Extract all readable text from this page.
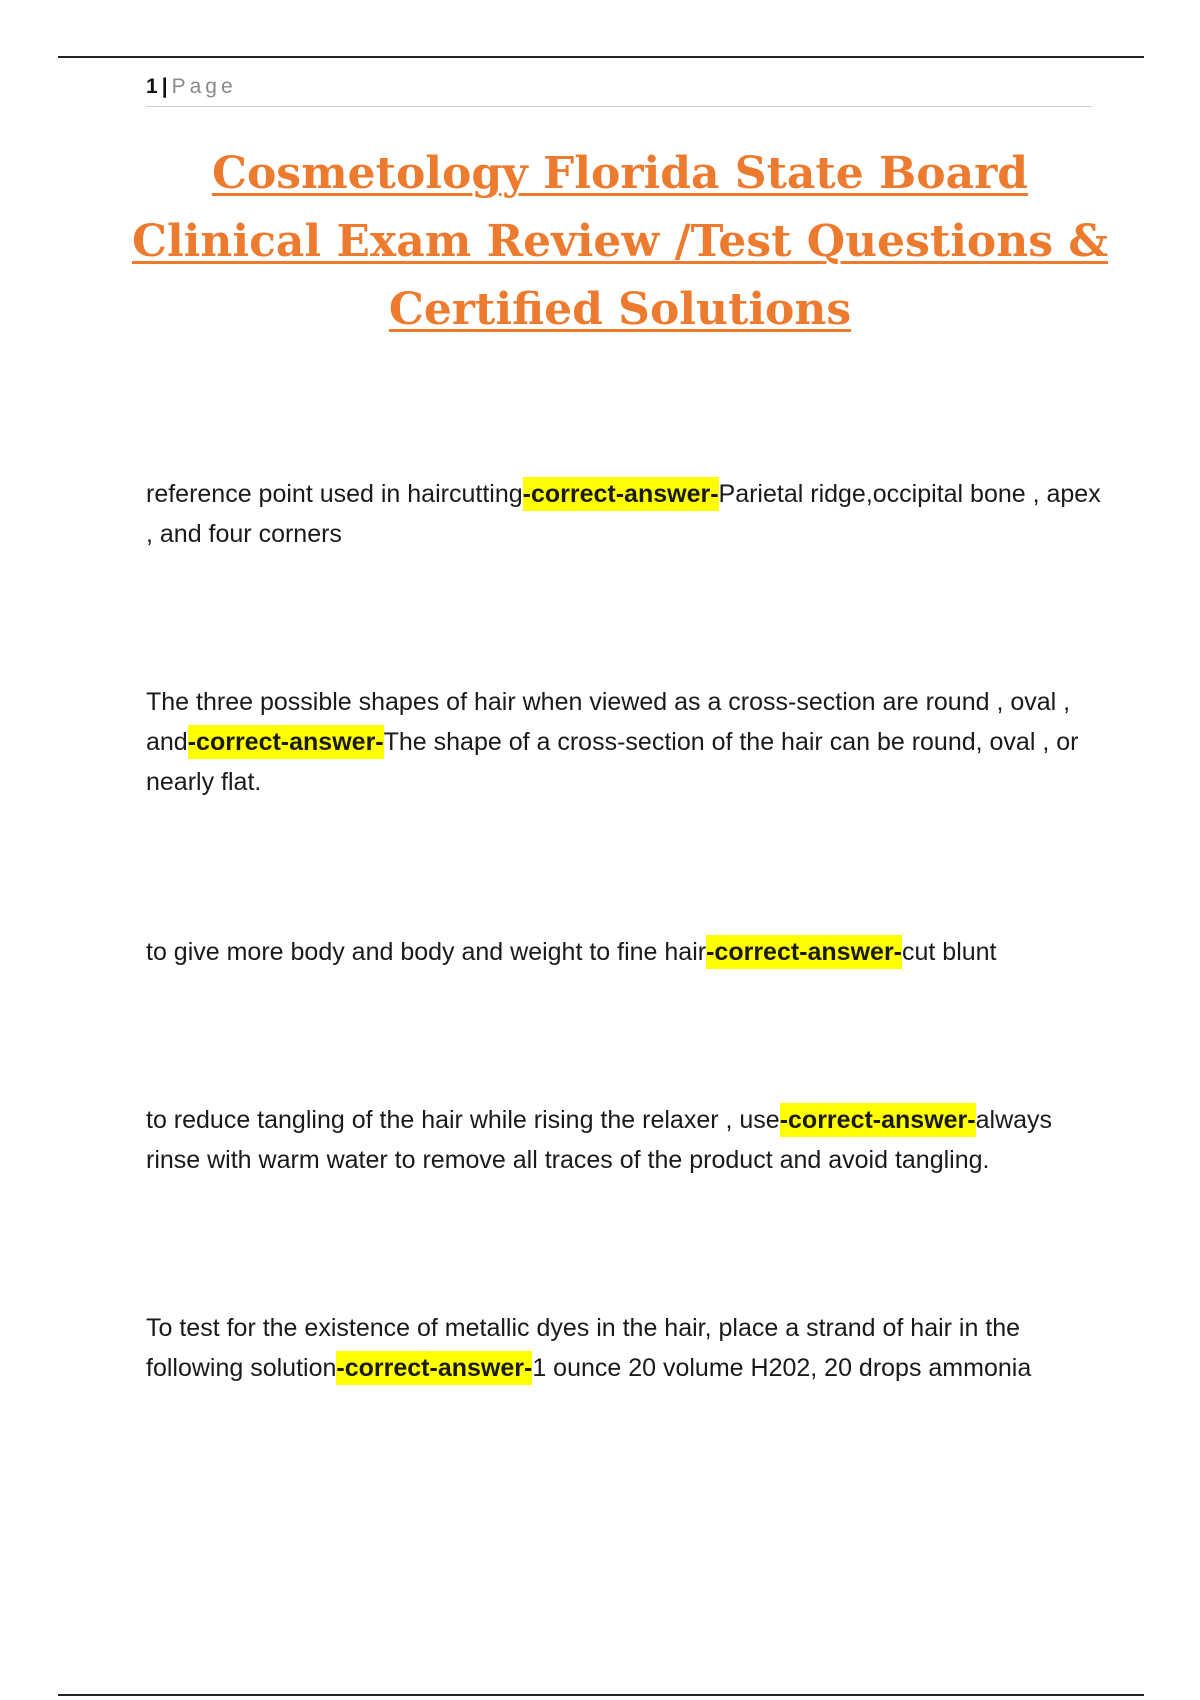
1 | Page
Cosmetology Florida State Board
Clinical Exam Review /Test Questions &
Certified Solutions

reference point used in haircutting-correct-answer-Parietal ridge,occipital bone , apex , and four corners

The three possible shapes of hair when viewed as a cross-section are round , oval , and-correct-answer-The shape of a cross-section of the hair can be round, oval , or nearly flat.

to give more body and body and weight to fine hair-correct-answer-cut blunt

to reduce tangling of the hair while rising the relaxer , use-correct-answer-always rinse with warm water to remove all traces of the product and avoid tangling.

To test for the existence of metallic dyes in the hair, place a strand of hair in the following solution-correct-answer-1 ounce 20 volume H202, 20 drops ammonia
